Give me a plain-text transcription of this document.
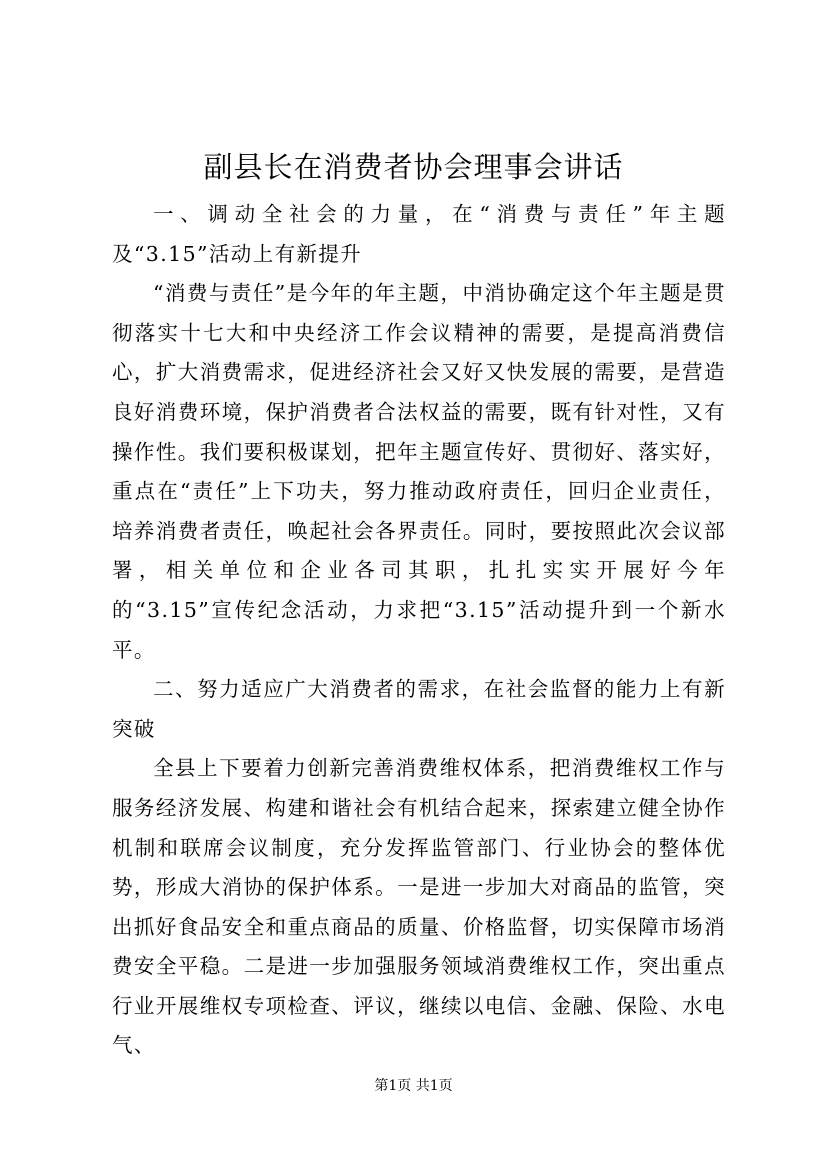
副县长在消费者协会理事会讲话

一、调动全社会的力量，在“消费与责任”年主题及“3.15”活动上有新提升

“消费与责任”是今年的年主题，中消协确定这个年主题是贯彻落实十七大和中央经济工作会议精神的需要，是提高消费信心，扩大消费需求，促进经济社会又好又快发展的需要，是营造良好消费环境，保护消费者合法权益的需要，既有针对性，又有操作性。我们要积极谋划，把年主题宣传好、贯彻好、落实好，重点在“责任”上下功夫，努力推动政府责任，回归企业责任，培养消费者责任，唤起社会各界责任。同时，要按照此次会议部署，相关单位和企业各司其职，扎扎实实开展好今年的“3.15”宣传纪念活动，力求把“3.15”活动提升到一个新水平。

二、努力适应广大消费者的需求，在社会监督的能力上有新突破

全县上下要着力创新完善消费维权体系，把消费维权工作与服务经济发展、构建和谐社会有机结合起来，探索建立健全协作机制和联席会议制度，充分发挥监管部门、行业协会的整体优势，形成大消协的保护体系。一是进一步加大对商品的监管，突出抓好食品安全和重点商品的质量、价格监督，切实保障市场消费安全平稳。二是进一步加强服务领域消费维权工作，突出重点行业开展维权专项检查、评议，继续以电信、金融、保险、水电气、

第1页 共1页
